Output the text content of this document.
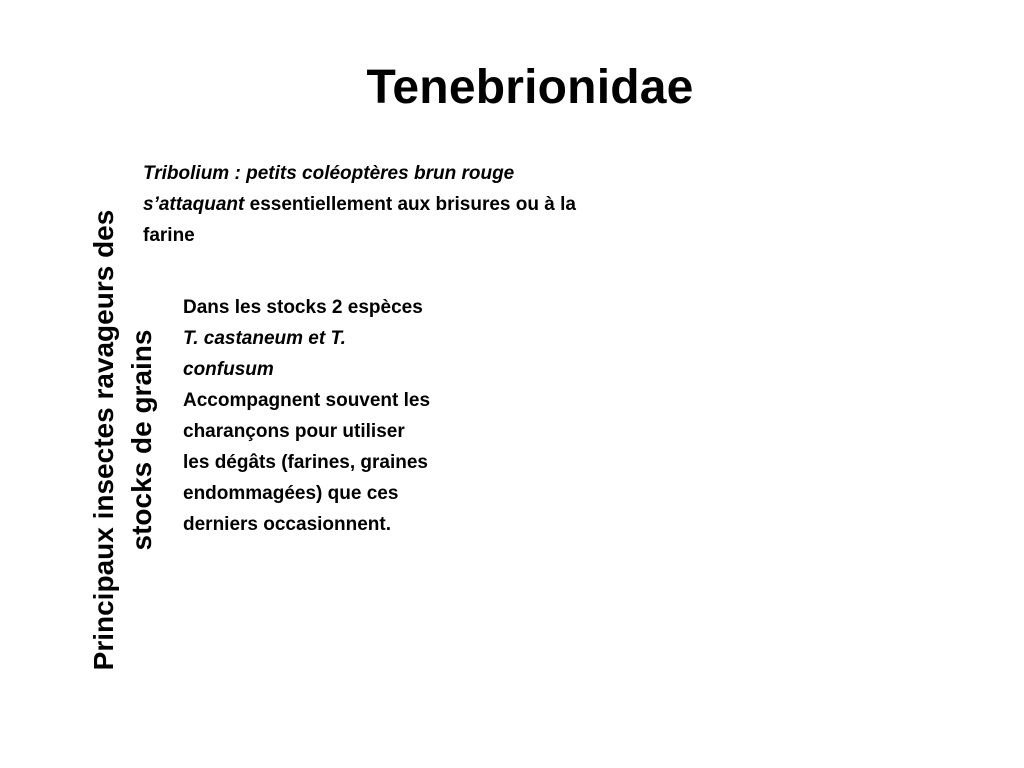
Tenebrionidae
Principaux insectes ravageurs des stocks de grains
Tribolium : petits coléoptères brun rouge
s’attaquant essentiellement aux brisures ou à la
farine
Dans les stocks 2 espèces
T. castaneum et T.
confusum
Accompagnent souvent les
charançons pour utiliser
les dégâts (farines, graines
endommagées) que ces
derniers occasionnent.
